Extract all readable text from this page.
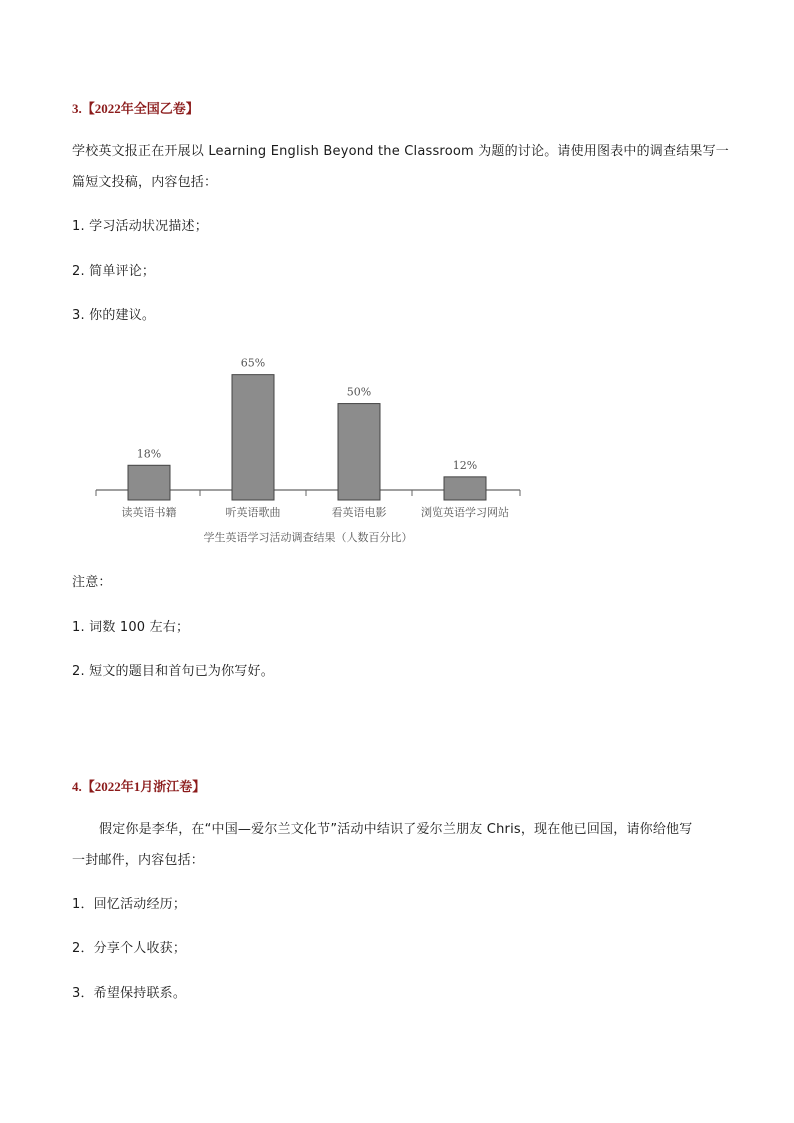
3.【2022年全国乙卷】
学校英文报正在开展以 Learning English Beyond the Classroom 为题的讨论。请使用图表中的调查结果写一
篇短文投稿，内容包括：
1. 学习活动状况描述；
2. 简单评论；
3. 你的建议。
18%
读英语书籍
65%
听英语歌曲
50%
看英语电影
12%
浏览英语学习网站
学生英语学习活动调查结果（人数百分比）
注意：
1. 词数 100 左右；
2. 短文的题目和首句已为你写好。
4.【2022年1月浙江卷】
假定你是李华，在“中国—爱尔兰文化节”活动中结识了爱尔兰朋友 Chris，现在他已回国，请你给他写
一封邮件，内容包括：
1．回忆活动经历；
2．分享个人收获；
3．希望保持联系。
